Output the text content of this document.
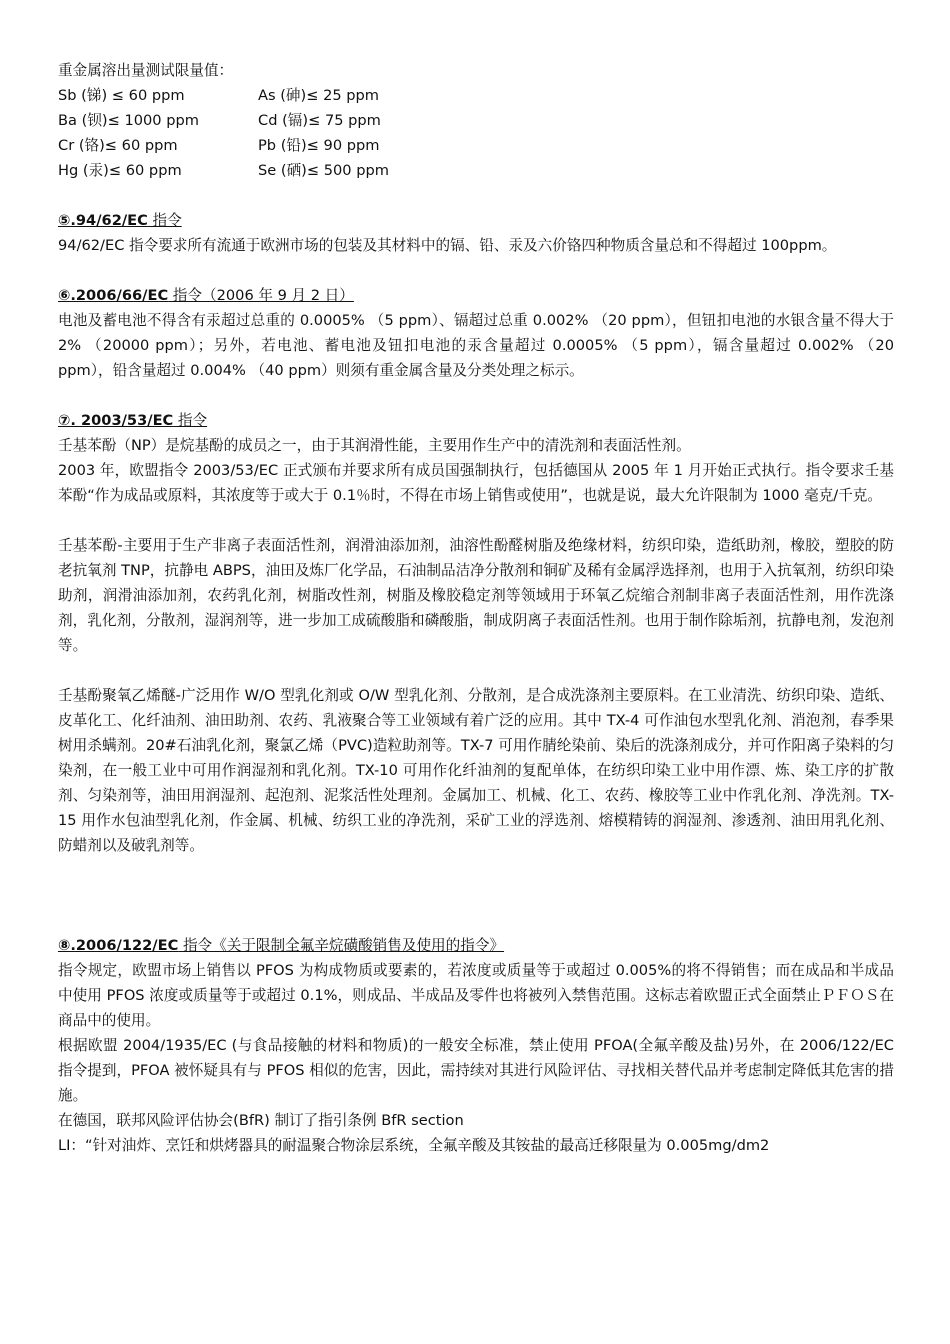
重金属溶出量测试限量值：
Sb (锑) ≤ 60 ppm	As (砷)≤ 25 ppm
Ba (钡)≤ 1000 ppm	Cd (镉)≤ 75 ppm
Cr (铬)≤ 60 ppm	Pb (铅)≤ 90 ppm
Hg (汞)≤ 60 ppm	Se (硒)≤ 500 ppm
⑤.94/62/EC 指令

94/62/EC 指令要求所有流通于欧洲市场的包装及其材料中的镉、铅、汞及六价铬四种物质含量总和不得超过 100ppm。

⑥.2006/66/EC 指令（2006 年 9 月 2 日）

电池及蓄电池不得含有汞超过总重的 0.0005% （5 ppm）、镉超过总重 0.002% （20 ppm），但钮扣电池的水银含量不得大于 2% （20000 ppm）；另外，若电池、蓄电池及钮扣电池的汞含量超过 0.0005% （5 ppm），镉含量超过 0.002% （20 ppm），铅含量超过 0.004% （40 ppm）则须有重金属含量及分类处理之标示。

⑦. 2003/53/EC 指令

壬基苯酚（NP）是烷基酚的成员之一，由于其润滑性能，主要用作生产中的清洗剂和表面活性剂。

2003 年，欧盟指令 2003/53/EC 正式颁布并要求所有成员国强制执行，包括德国从 2005 年 1 月开始正式执行。指令要求壬基苯酚“作为成品或原料，其浓度等于或大于 0.1％时，不得在市场上销售或使用”，也就是说，最大允许限制为 1000 毫克/千克。

壬基苯酚-主要用于生产非离子表面活性剂，润滑油添加剂，油溶性酚醛树脂及绝缘材料，纺织印染，造纸助剂，橡胶，塑胶的防老抗氧剂 TNP，抗静电 ABPS，油田及炼厂化学品，石油制品洁净分散剂和铜矿及稀有金属浮选择剂，也用于入抗氧剂，纺织印染助剂，润滑油添加剂，农药乳化剂，树脂改性剂，树脂及橡胶稳定剂等领域用于环氧乙烷缩合剂制非离子表面活性剂，用作洗涤剂，乳化剂，分散剂，湿润剂等，进一步加工成硫酸脂和磷酸脂，制成阴离子表面活性剂。也用于制作除垢剂，抗静电剂，发泡剂等。

壬基酚聚氧乙烯醚-广泛用作 W/O 型乳化剂或 O/W 型乳化剂、分散剂，是合成洗涤剂主要原料。在工业清洗、纺织印染、造纸、皮革化工、化纤油剂、油田助剂、农药、乳液聚合等工业领域有着广泛的应用。其中 TX-4 可作油包水型乳化剂、消泡剂，春季果树用杀螨剂。20#石油乳化剂，聚氯乙烯（PVC)造粒助剂等。TX-7 可用作腈纶染前、染后的洗涤剂成分，并可作阳离子染料的匀染剂，在一般工业中可用作润湿剂和乳化剂。TX-10 可用作化纤油剂的复配单体，在纺织印染工业中用作漂、炼、染工序的扩散剂、匀染剂等，油田用润湿剂、起泡剂、泥浆活性处理剂。金属加工、机械、化工、农药、橡胶等工业中作乳化剂、净洗剂。TX-15 用作水包油型乳化剂，作金属、机械、纺织工业的净洗剂，采矿工业的浮选剂、熔模精铸的润湿剂、渗透剂、油田用乳化剂、防蜡剂以及破乳剂等。

⑧.2006/122/EC 指令《关于限制全氟辛烷磺酸销售及使用的指令》

指令规定，欧盟市场上销售以 PFOS 为构成物质或要素的，若浓度或质量等于或超过 0.005%的将不得销售；而在成品和半成品中使用 PFOS 浓度或质量等于或超过 0.1%，则成品、半成品及零件也将被列入禁售范围。这标志着欧盟正式全面禁止ＰＦＯＳ在商品中的使用。

根据欧盟 2004/1935/EC (与食品接触的材料和物质)的一般安全标准，禁止使用 PFOA(全氟辛酸及盐)另外，在 2006/122/EC 指令提到，PFOA 被怀疑具有与 PFOS 相似的危害，因此，需持续对其进行风险评估、寻找相关替代品并考虑制定降低其危害的措施。

在德国，联邦风险评估协会(BfR) 制订了指引条例 BfR section

LI：“针对油炸、烹饪和烘烤器具的耐温聚合物涂层系统，全氟辛酸及其铵盐的最高迁移限量为 0.005mg/dm2
